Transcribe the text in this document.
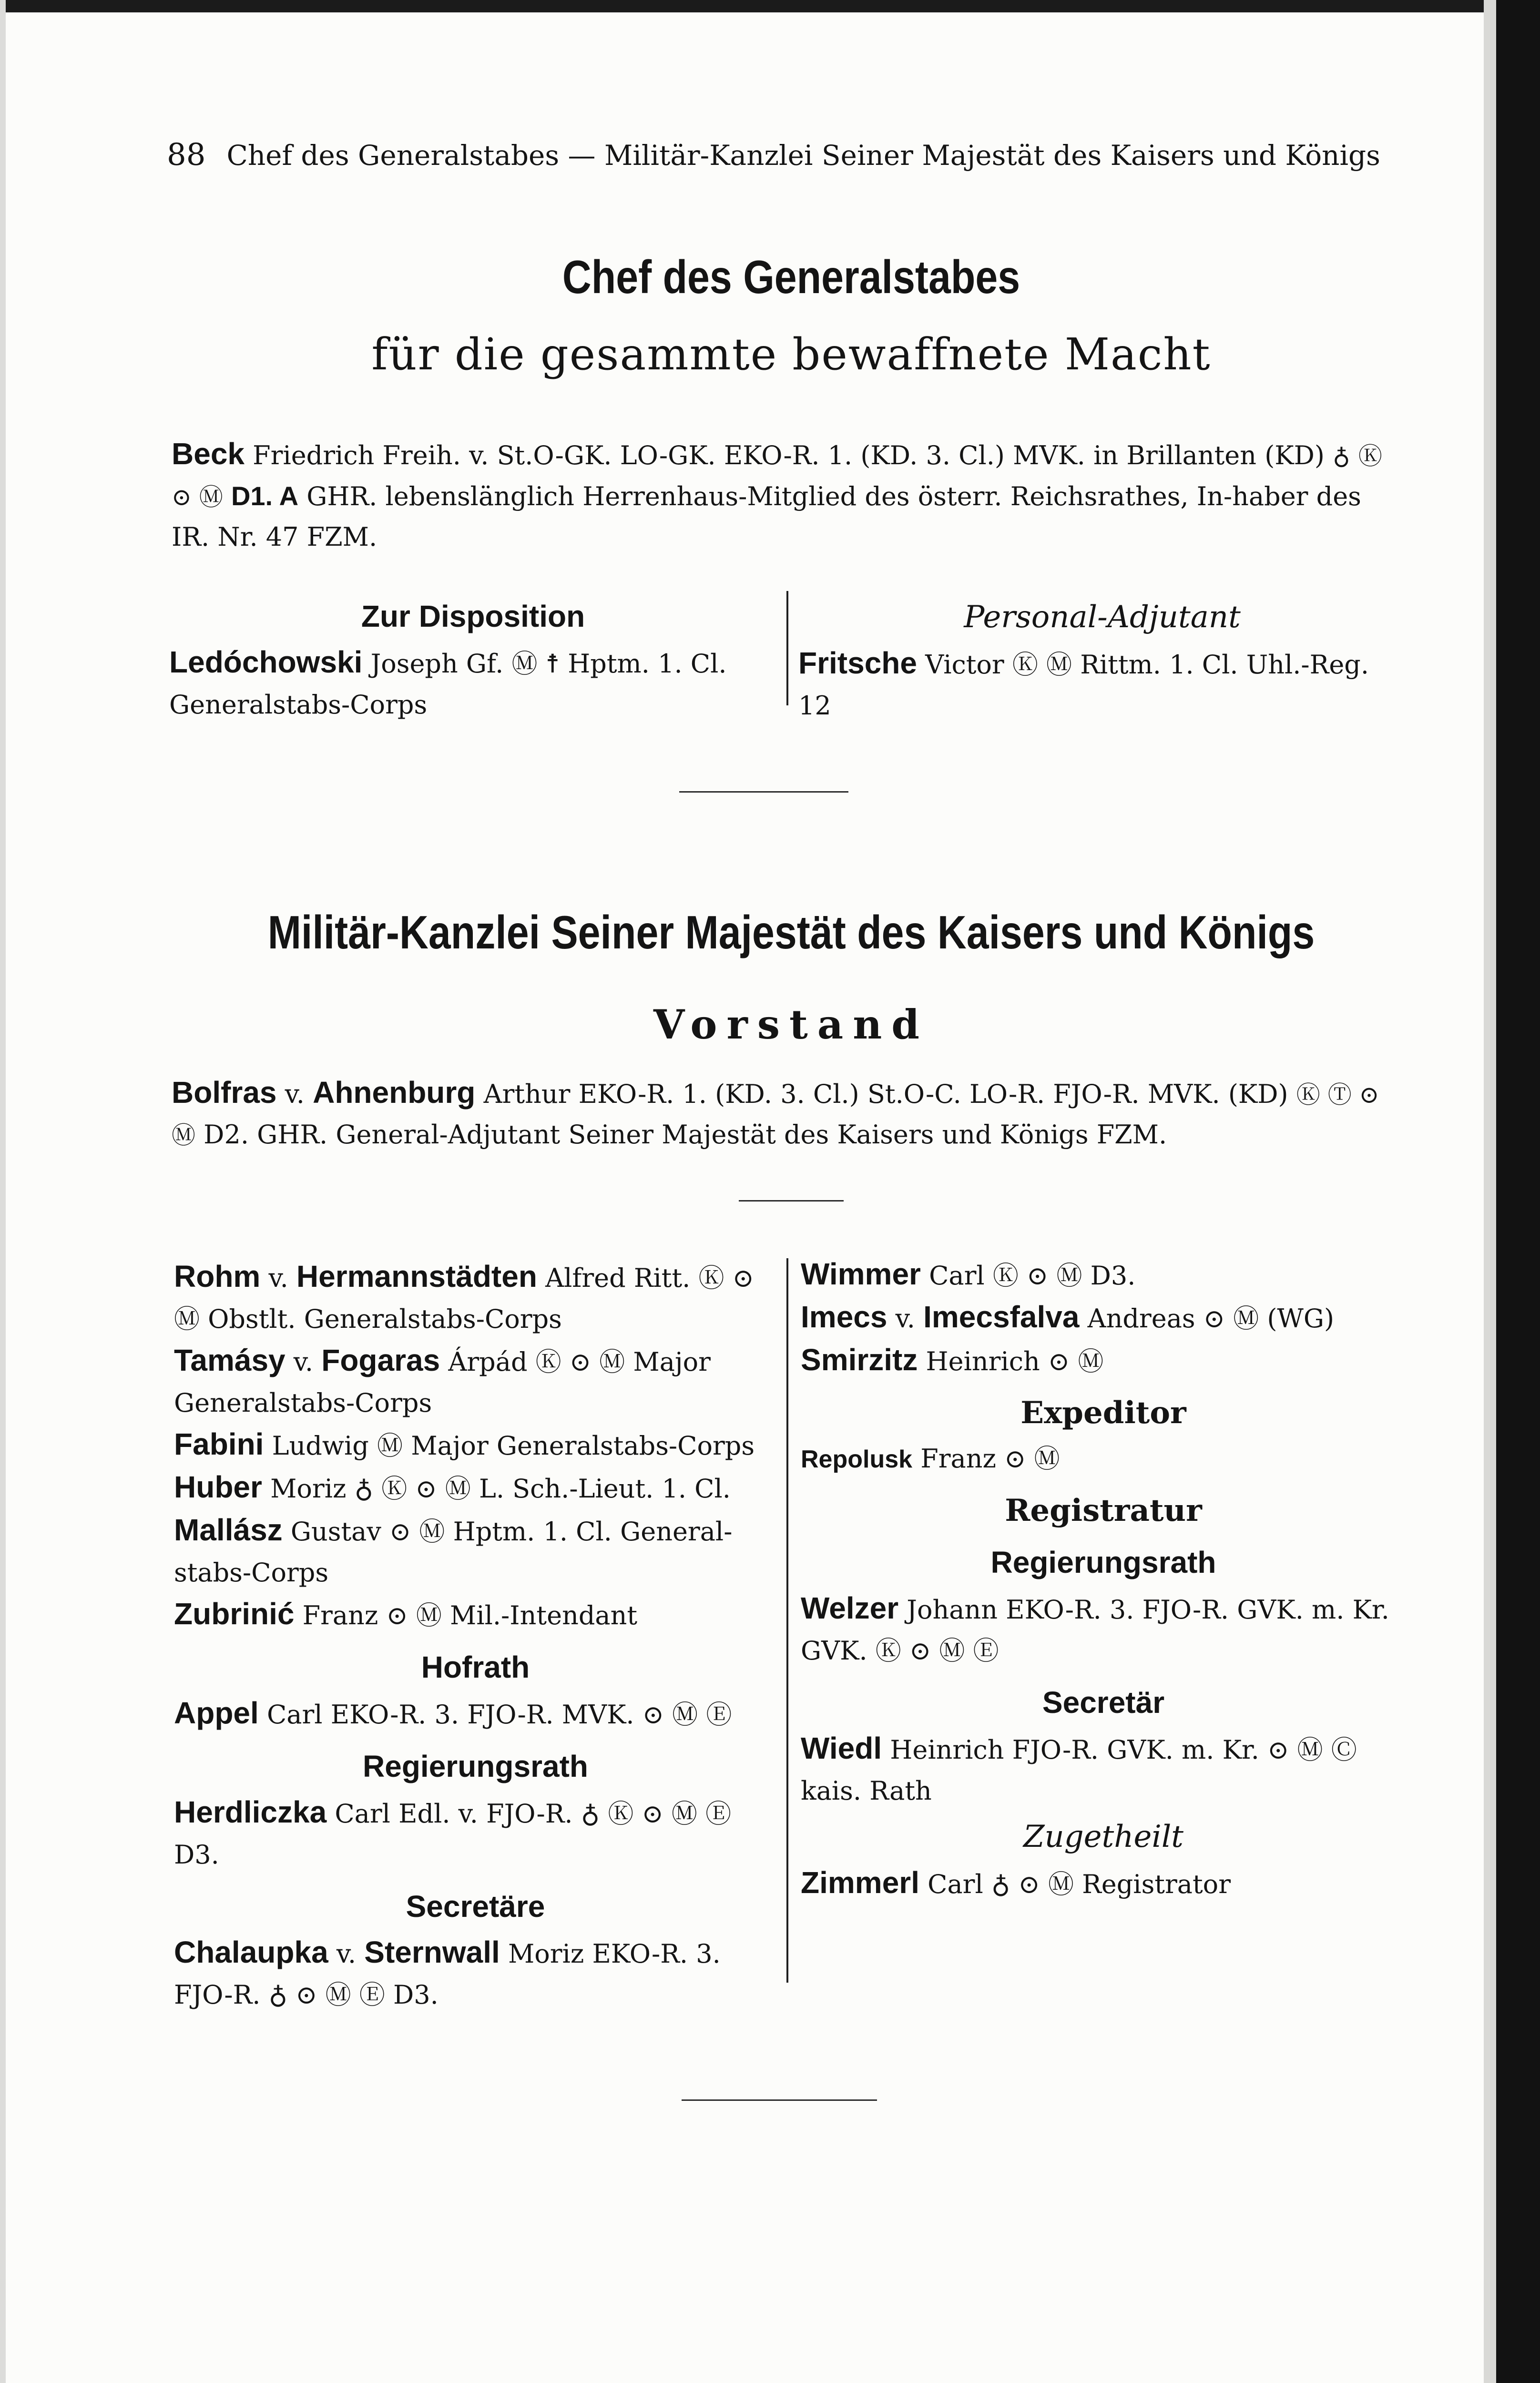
88 Chef des Generalstabes — Militär-Kanzlei Seiner Majestät des Kaisers und Königs
Chef des Generalstabes
für die gesammte bewaffnete Macht
Beck Friedrich Freih. v. St.O-GK. LO-GK. EKO-R. 1. (KD. 3. Cl.) MVK. in Brillanten (KD) ♁ Ⓚ ⊙ Ⓜ D1. A GHR. lebenslänglich Herrenhaus-Mitglied des österr. Reichsrathes, In-haber des IR. Nr. 47 FZM.
Zur Disposition
Ledóchowski Joseph Gf. Ⓜ ☨ Hptm. 1. Cl. Generalstabs-Corps
Personal-Adjutant
Fritsche Victor Ⓚ Ⓜ Rittm. 1. Cl. Uhl.-Reg. 12
Militär-Kanzlei Seiner Majestät des Kaisers und Königs
Vorstand
Bolfras v. Ahnenburg Arthur EKO-R. 1. (KD. 3. Cl.) St.O-C. LO-R. FJO-R. MVK. (KD) Ⓚ Ⓣ ⊙ Ⓜ D2. GHR. General-Adjutant Seiner Majestät des Kaisers und Königs FZM.
Rohm v. Hermannstädten Alfred Ritt. Ⓚ ⊙ Ⓜ Obstlt. Generalstabs-Corps
Tamásy v. Fogaras Árpád Ⓚ ⊙ Ⓜ Major Generalstabs-Corps
Fabini Ludwig Ⓜ Major Generalstabs-Corps
Huber Moriz ♁ Ⓚ ⊙ Ⓜ L. Sch.-Lieut. 1. Cl.
Mallász Gustav ⊙ Ⓜ Hptm. 1. Cl. General-stabs-Corps
Zubrinić Franz ⊙ Ⓜ Mil.-Intendant
Hofrath
Appel Carl EKO-R. 3. FJO-R. MVK. ⊙ Ⓜ Ⓔ
Regierungsrath
Herdliczka Carl Edl. v. FJO-R. ♁ Ⓚ ⊙ Ⓜ Ⓔ D3.
Secretäre
Chalaupka v. Sternwall Moriz EKO-R. 3. FJO-R. ♁ ⊙ Ⓜ Ⓔ D3.
Wimmer Carl Ⓚ ⊙ Ⓜ D3.
Imecs v. Imecsfalva Andreas ⊙ Ⓜ (WG)
Smirzitz Heinrich ⊙ Ⓜ
Expeditor
Repolusk Franz ⊙ Ⓜ
Registratur
Regierungsrath
Welzer Johann EKO-R. 3. FJO-R. GVK. m. Kr. GVK. Ⓚ ⊙ Ⓜ Ⓔ
Secretär
Wiedl Heinrich FJO-R. GVK. m. Kr. ⊙ Ⓜ Ⓒ kais. Rath
Zugetheilt
Zimmerl Carl ♁ ⊙ Ⓜ Registrator
